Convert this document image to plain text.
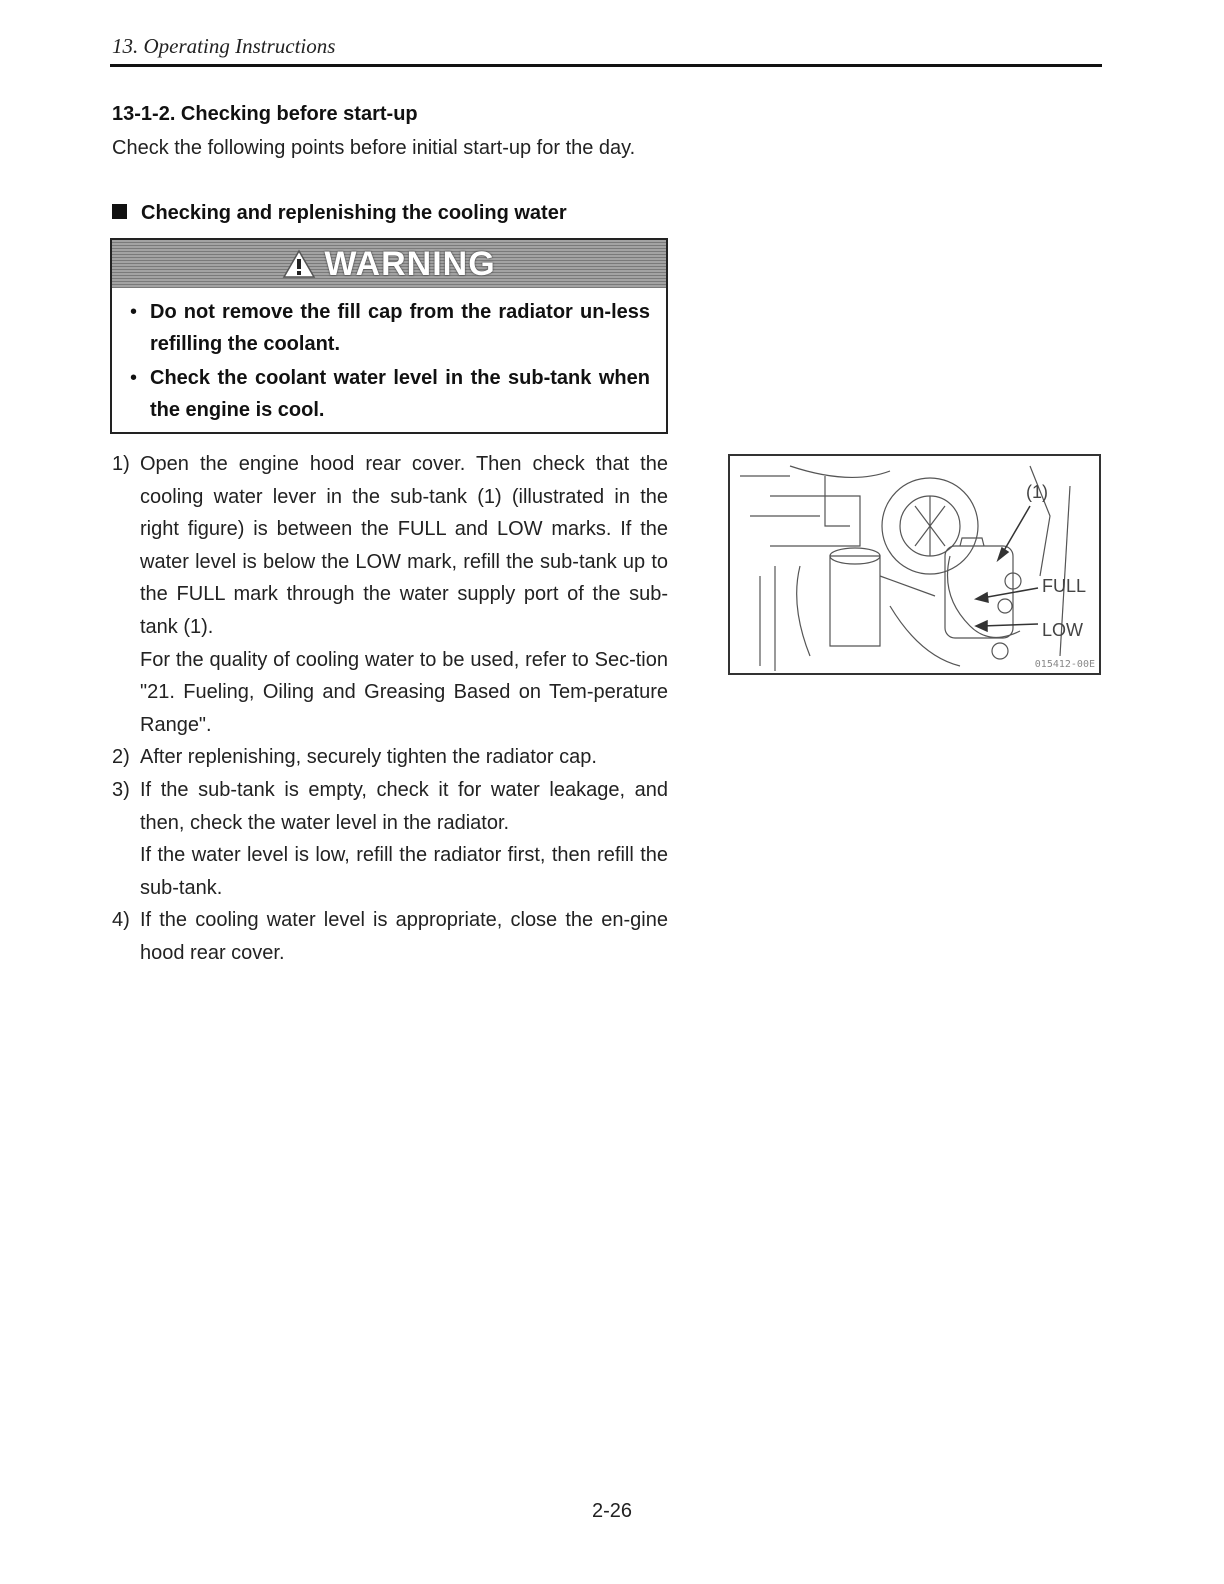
13. Operating Instructions
13-1-2. Checking before start-up
Check the following points before initial start-up for the day.
Checking and replenishing the cooling water
WARNING
• Do not remove the fill cap from the radiator un-less refilling the coolant.
• Check the coolant water level in the sub-tank when the engine is cool.
1) Open the engine hood rear cover. Then check that the cooling water lever in the sub-tank (1) (illustrated in the right figure) is between the FULL and LOW marks. If the water level is below the LOW mark, refill the sub-tank up to the FULL mark through the water supply port of the sub-tank (1).

For the quality of cooling water to be used, refer to Sec-tion "21. Fueling, Oiling and Greasing Based on Tem-perature Range".

2) After replenishing, securely tighten the radiator cap.

3) If the sub-tank is empty, check it for water leakage, and then, check the water level in the radiator.

If the water level is low, refill the radiator first, then refill the sub-tank.

4) If the cooling water level is appropriate, close the en-gine hood rear cover.

(1)
FULL
LOW
015412-00E
2-26
